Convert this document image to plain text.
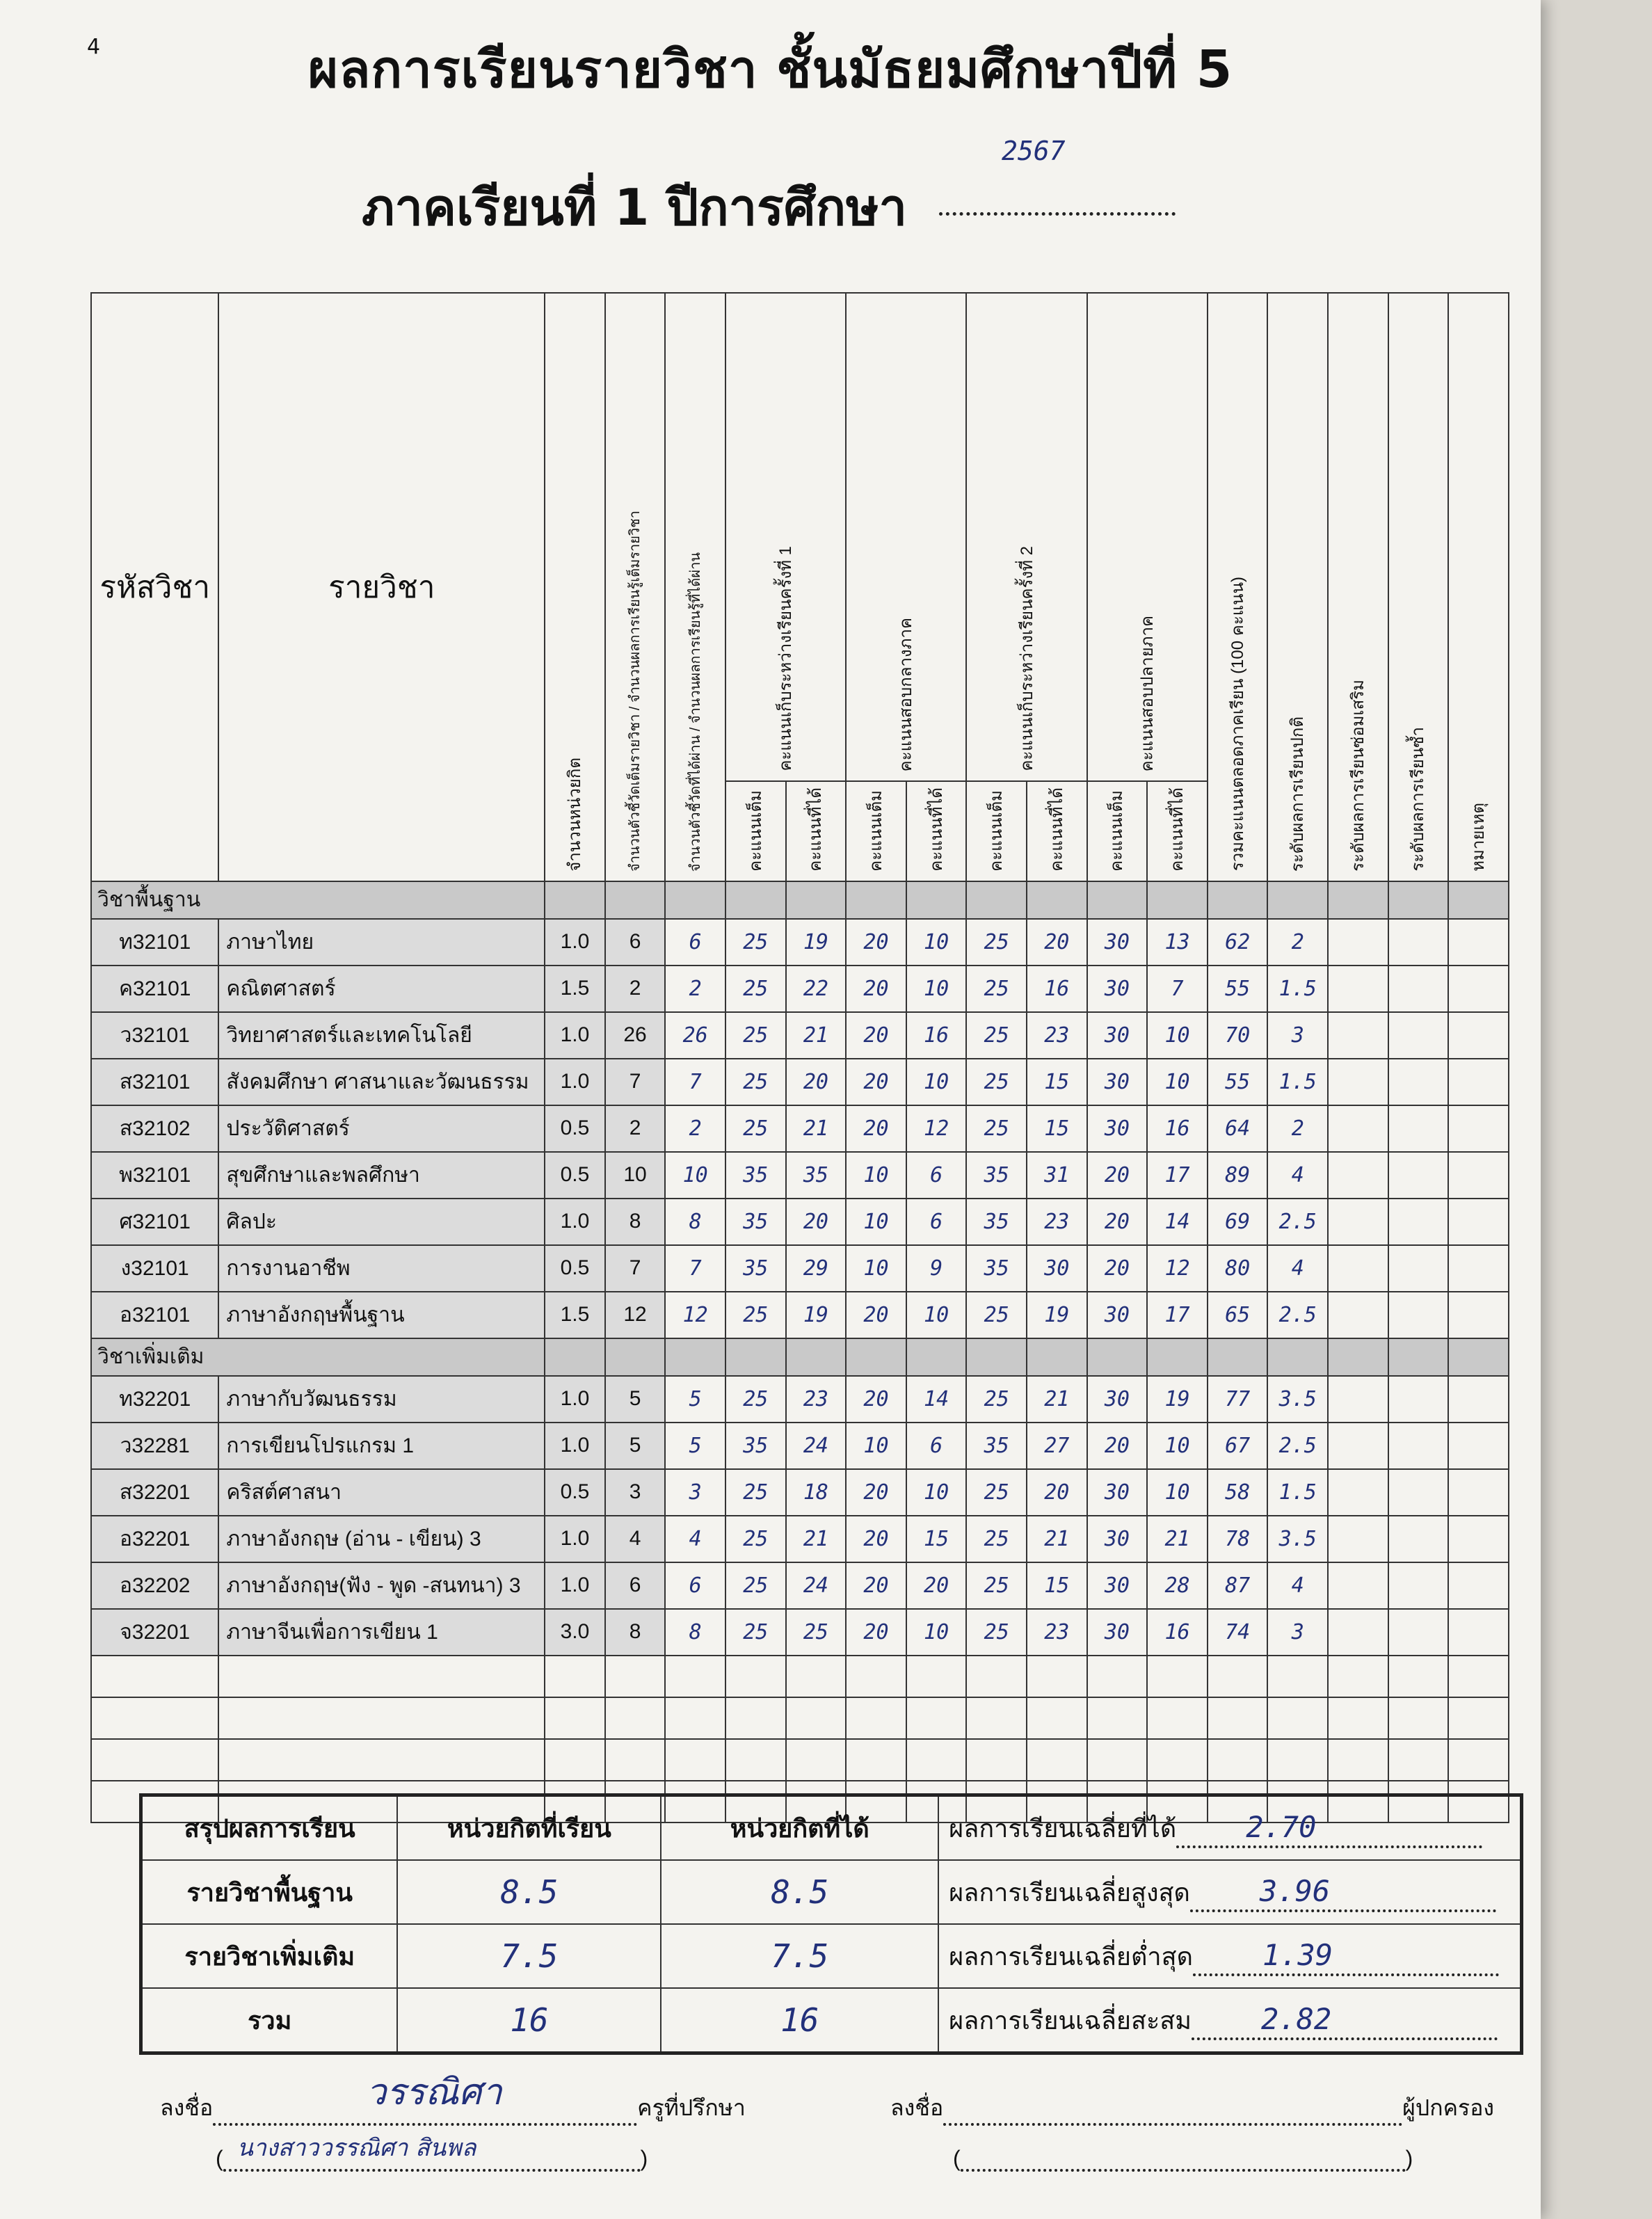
4	ผลการเรียนรายวิชา ชั้นมัธยมศึกษาปีที่ 5
ภาคเรียนที่ 1 ปีการศึกษา
2567
รหัสวิชา	รายวิชา	จำนวนหน่วยกิต	จำนวนตัวชี้วัดเต็มรายวิชา / จำนวนผลการเรียนรู้เต็มรายวิชา	จำนวนตัวชี้วัดที่ได้ผ่าน / จำนวนผลการเรียนรู้ที่ได้ผ่าน	คะแนนเก็บระหว่างเรียนครั้งที่ 1		คะแนนสอบกลางภาค		คะแนนเก็บระหว่างเรียนครั้งที่ 2		คะแนนสอบปลายภาค		รวมคะแนนตลอดภาคเรียน (100 คะแนน)	ระดับผลการเรียนปกติ	ระดับผลการเรียนซ่อมเสริม	ระดับผลการเรียนซ้ำ	หมายเหตุ
					คะแนนเต็ม	คะแนนที่ได้	คะแนนเต็ม	คะแนนที่ได้	คะแนนเต็ม	คะแนนที่ได้	คะแนนเต็ม	คะแนนที่ได้					
วิชาพื้นฐาน																	
ท32101	ภาษาไทย	1.0	6	6	25	19	20	10	25	20	30	13	62	2			
ค32101	คณิตศาสตร์	1.5	2	2	25	22	20	10	25	16	30	7	55	1.5			
ว32101	วิทยาศาสตร์และเทคโนโลยี	1.0	26	26	25	21	20	16	25	23	30	10	70	3			
ส32101	สังคมศึกษา ศาสนาและวัฒนธรรม	1.0	7	7	25	20	20	10	25	15	30	10	55	1.5			
ส32102	ประวัติศาสตร์	0.5	2	2	25	21	20	12	25	15	30	16	64	2			
พ32101	สุขศึกษาและพลศึกษา	0.5	10	10	35	35	10	6	35	31	20	17	89	4			
ศ32101	ศิลปะ	1.0	8	8	35	20	10	6	35	23	20	14	69	2.5			
ง32101	การงานอาชีพ	0.5	7	7	35	29	10	9	35	30	20	12	80	4			
อ32101	ภาษาอังกฤษพื้นฐาน	1.5	12	12	25	19	20	10	25	19	30	17	65	2.5			
วิชาเพิ่มเติม																	
ท32201	ภาษากับวัฒนธรรม	1.0	5	5	25	23	20	14	25	21	30	19	77	3.5			
ว32281	การเขียนโปรแกรม 1	1.0	5	5	35	24	10	6	35	27	20	10	67	2.5			
ส32201	คริสต์ศาสนา	0.5	3	3	25	18	20	10	25	20	30	10	58	1.5			
อ32201	ภาษาอังกฤษ (อ่าน - เขียน) 3	1.0	4	4	25	21	20	15	25	21	30	21	78	3.5			
อ32202	ภาษาอังกฤษ(ฟัง - พูด -สนทนา) 3	1.0	6	6	25	24	20	20	25	15	30	28	87	4			
จ32201	ภาษาจีนเพื่อการเขียน 1	3.0	8	8	25	25	20	10	25	23	30	16	74	3			

สรุปผลการเรียน	หน่วยกิตที่เรียน	หน่วยกิตที่ได้	ผลการเรียนเฉลี่ยที่ได้ 2.70

รายวิชาพื้นฐาน	8.5	8.5	ผลการเรียนเฉลี่ยสูงสุด 3.96

รายวิชาเพิ่มเติม	7.5	7.5	ผลการเรียนเฉลี่ยต่ำสุด 1.39

รวม	16	16	ผลการเรียนเฉลี่ยสะสม 2.82
ลงชื่อ	วรรณิศา	ครูที่ปรึกษา
( นางสาววรรณิศา สินพล	)
ลงชื่อ	ผู้ปกครอง
(	)
